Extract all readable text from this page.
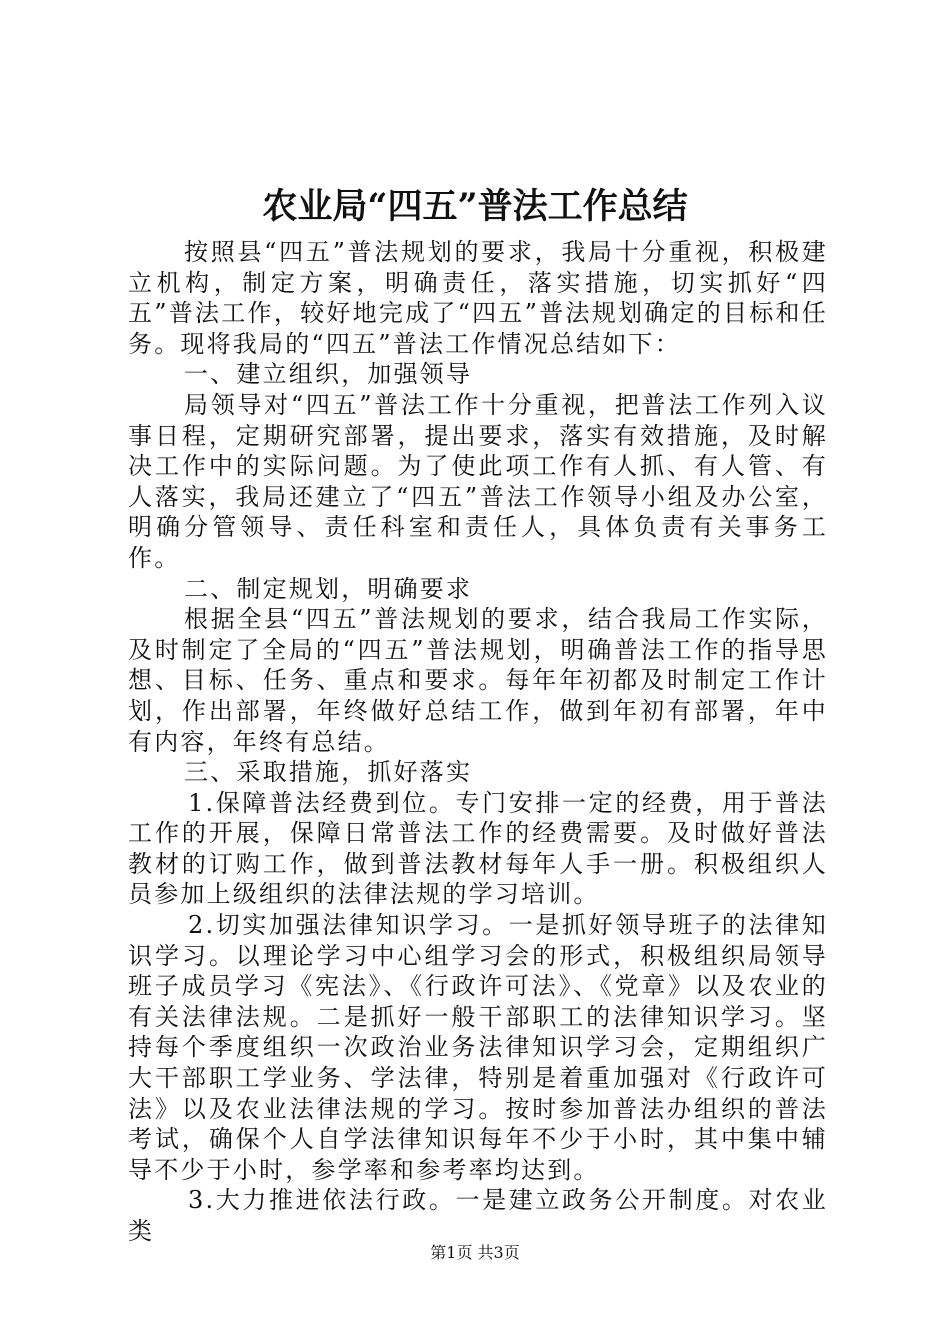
农业局“四五”普法工作总结

按照县“四五”普法规划的要求，我局十分重视，积极建立机构，制定方案，明确责任，落实措施，切实抓好“四五”普法工作，较好地完成了“四五”普法规划确定的目标和任务。现将我局的“四五”普法工作情况总结如下：

一、建立组织，加强领导

局领导对“四五”普法工作十分重视，把普法工作列入议事日程，定期研究部署，提出要求，落实有效措施，及时解决工作中的实际问题。为了使此项工作有人抓、有人管、有人落实，我局还建立了“四五”普法工作领导小组及办公室，明确分管领导、责任科室和责任人，具体负责有关事务工作。

二、制定规划，明确要求

根据全县“四五”普法规划的要求，结合我局工作实际，及时制定了全局的“四五”普法规划，明确普法工作的指导思想、目标、任务、重点和要求。每年年初都及时制定工作计划，作出部署，年终做好总结工作，做到年初有部署，年中有内容，年终有总结。

三、采取措施，抓好落实

1.保障普法经费到位。专门安排一定的经费，用于普法工作的开展，保障日常普法工作的经费需要。及时做好普法教材的订购工作，做到普法教材每年人手一册。积极组织人员参加上级组织的法律法规的学习培训。

2.切实加强法律知识学习。一是抓好领导班子的法律知识学习。以理论学习中心组学习会的形式，积极组织局领导班子成员学习《宪法》、《行政许可法》、《党章》以及农业的有关法律法规。二是抓好一般干部职工的法律知识学习。坚持每个季度组织一次政治业务法律知识学习会，定期组织广大干部职工学业务、学法律，特别是着重加强对《行政许可法》以及农业法律法规的学习。按时参加普法办组织的普法考试，确保个人自学法律知识每年不少于小时，其中集中辅导不少于小时，参学率和参考率均达到。

3.大力推进依法行政。一是建立政务公开制度。对农业类

第1页 共3页
